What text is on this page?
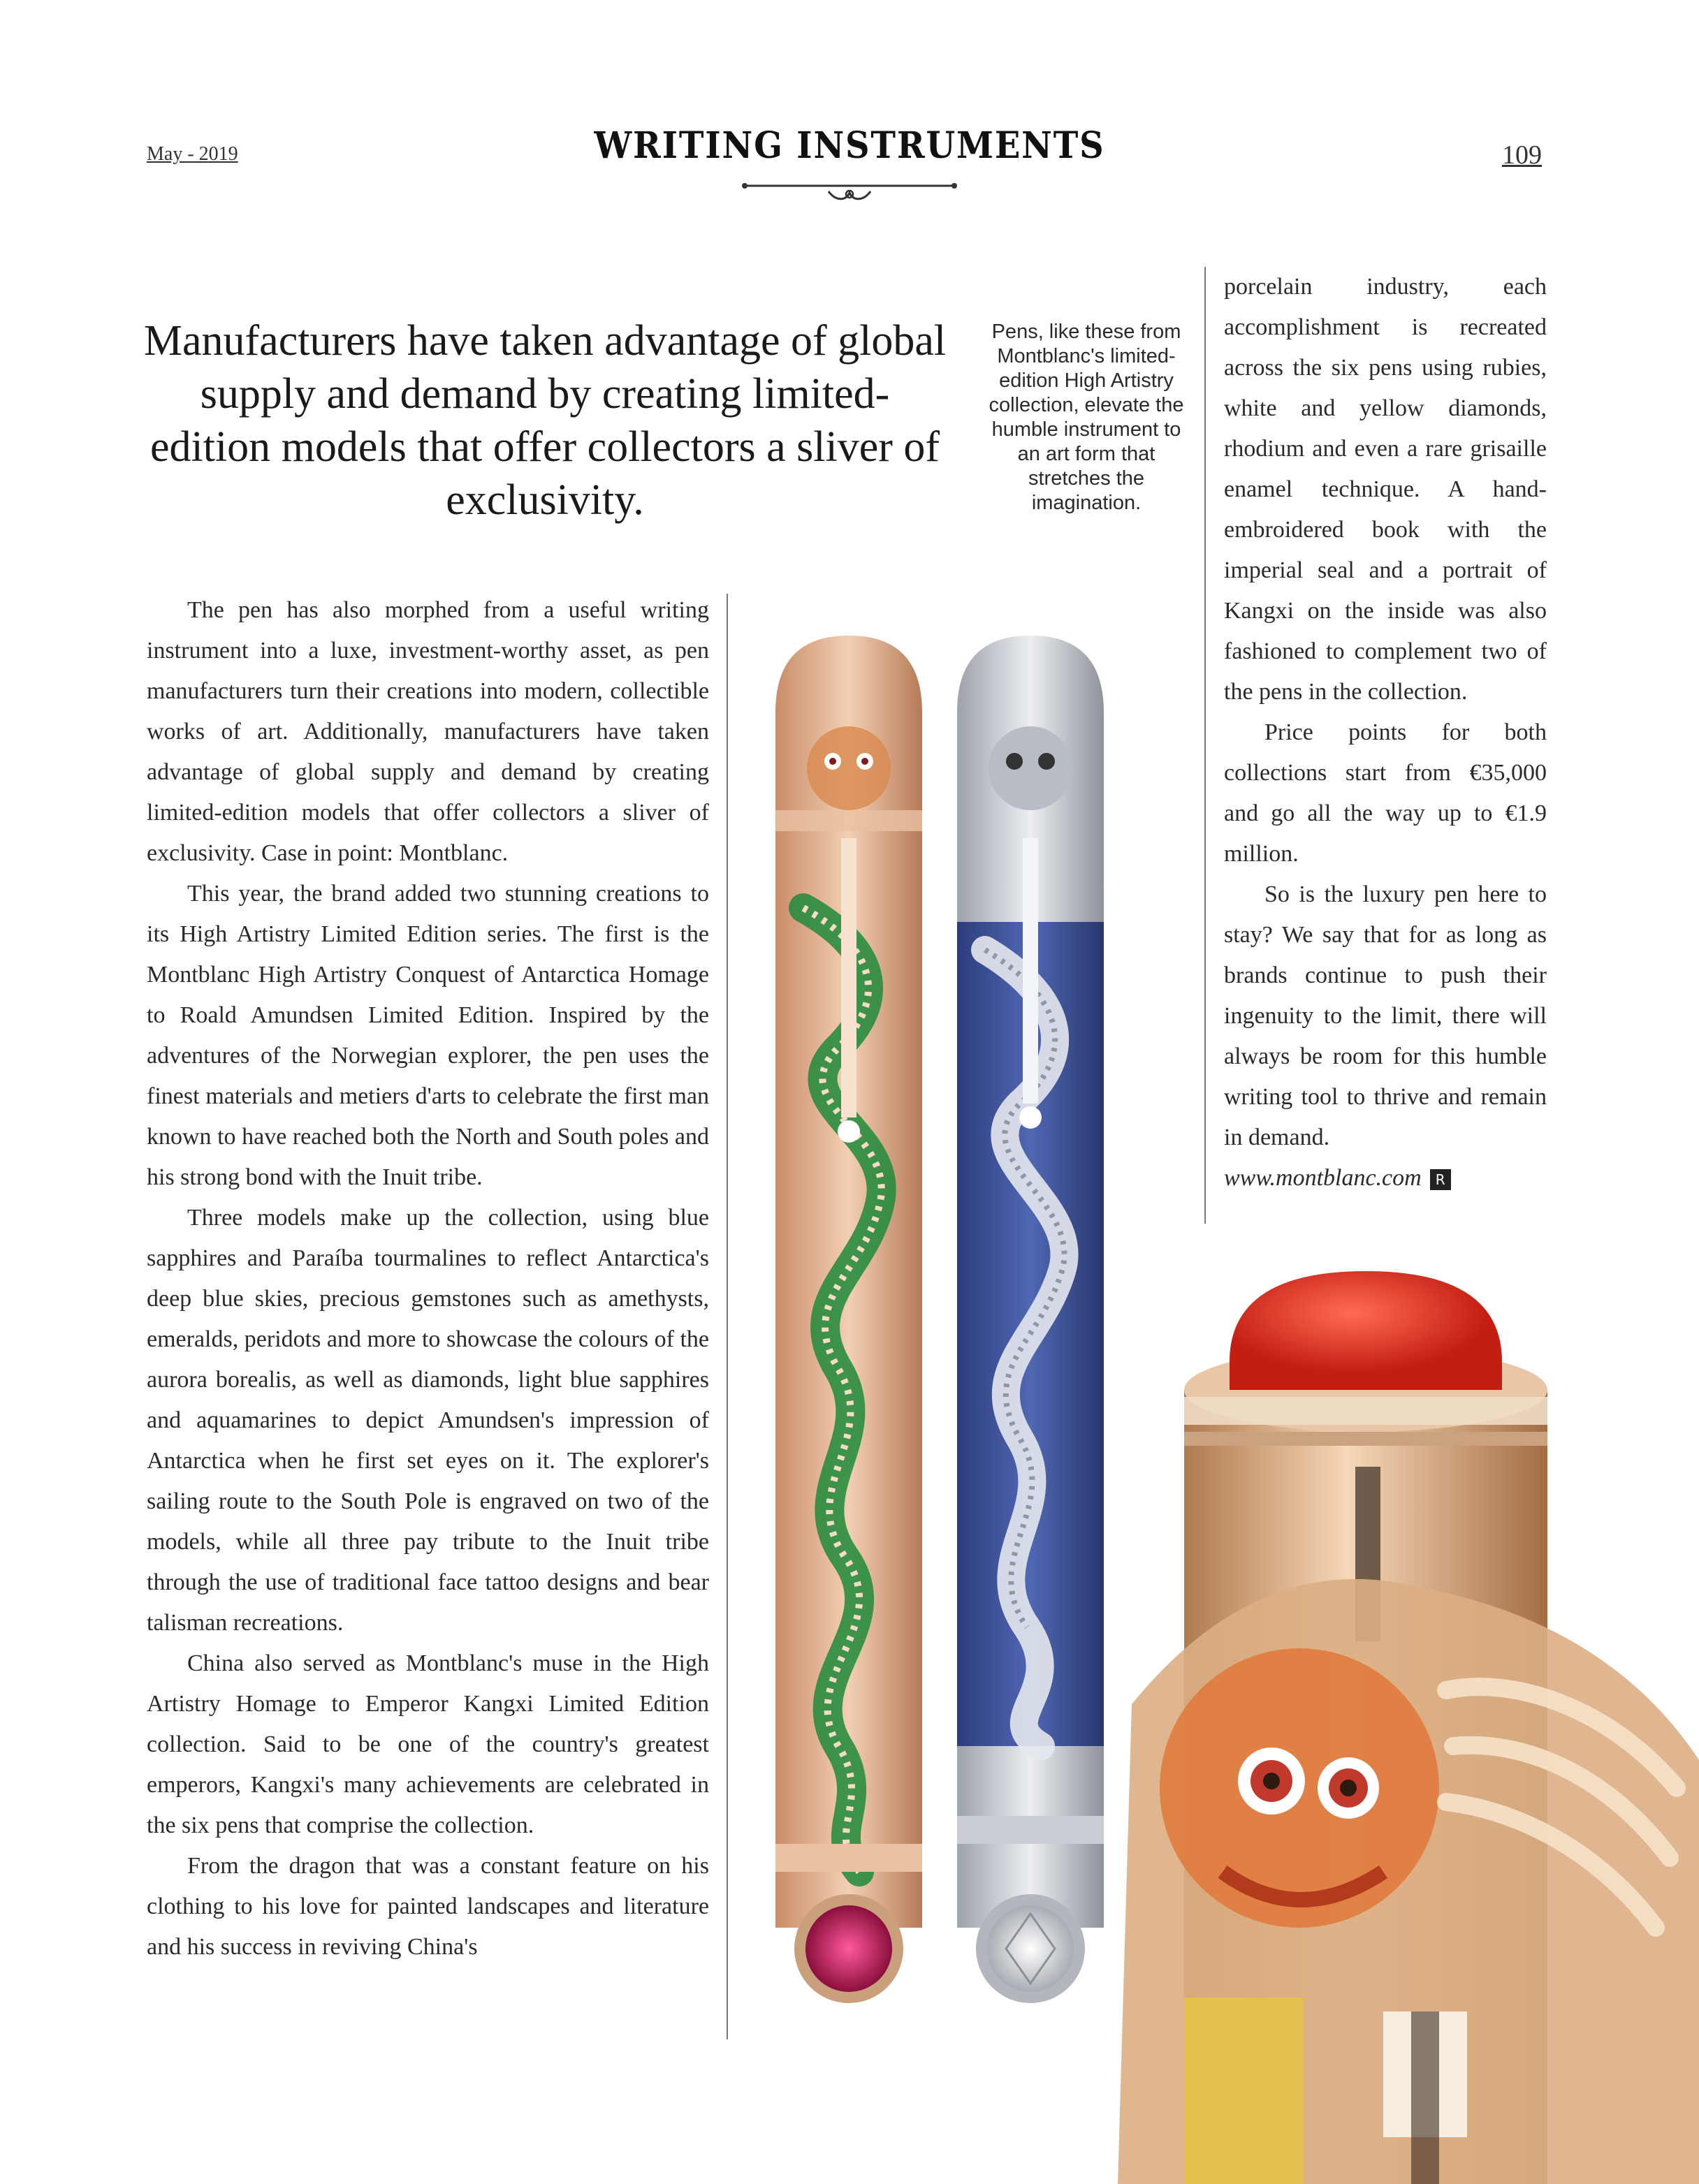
May - 2019	WRITING INSTRUMENTS	109
Manufacturers have taken advantage of global supply and demand by creating limited-edition models that offer collectors a sliver of exclusivity.
Pens, like these from Montblanc's limited-edition High Artistry collection, elevate the humble instrument to an art form that stretches the imagination.

The pen has also morphed from a useful writing instrument into a luxe, investment-worthy asset, as pen manufacturers turn their creations into modern, collectible works of art. Additionally, manufacturers have taken advantage of global supply and demand by creating limited-edition models that offer collectors a sliver of exclusivity. Case in point: Montblanc.

This year, the brand added two stunning creations to its High Artistry Limited Edition series. The first is the Montblanc High Artistry Conquest of Antarctica Homage to Roald Amundsen Limited Edition. Inspired by the adventures of the Norwegian explorer, the pen uses the finest materials and metiers d'arts to celebrate the first man known to have reached both the North and South poles and his strong bond with the Inuit tribe.

Three models make up the collection, using blue sapphires and Paraíba tourmalines to reflect Antarctica's deep blue skies, precious gemstones such as amethysts, emeralds, peridots and more to showcase the colours of the aurora borealis, as well as diamonds, light blue sapphires and aquamarines to depict Amundsen's impression of Antarctica when he first set eyes on it. The explorer's sailing route to the South Pole is engraved on two of the models, while all three pay tribute to the Inuit tribe through the use of traditional face tattoo designs and bear talisman recreations.

China also served as Montblanc's muse in the High Artistry Homage to Emperor Kangxi Limited Edition collection. Said to be one of the country's greatest emperors, Kangxi's many achievements are celebrated in the six pens that comprise the collection.

From the dragon that was a constant feature on his clothing to his love for painted landscapes and literature and his success in reviving China's

porcelain industry, each accomplishment is recreated across the six pens using rubies, white and yellow diamonds, rhodium and even a rare grisaille enamel technique. A hand-embroidered book with the imperial seal and a portrait of Kangxi on the inside was also fashioned to complement two of the pens in the collection.

Price points for both collections start from €35,000 and go all the way up to €1.9 million.

So is the luxury pen here to stay? We say that for as long as brands continue to push their ingenuity to the limit, there will always be room for this humble writing tool to thrive and remain in demand.

www.montblanc.com R
